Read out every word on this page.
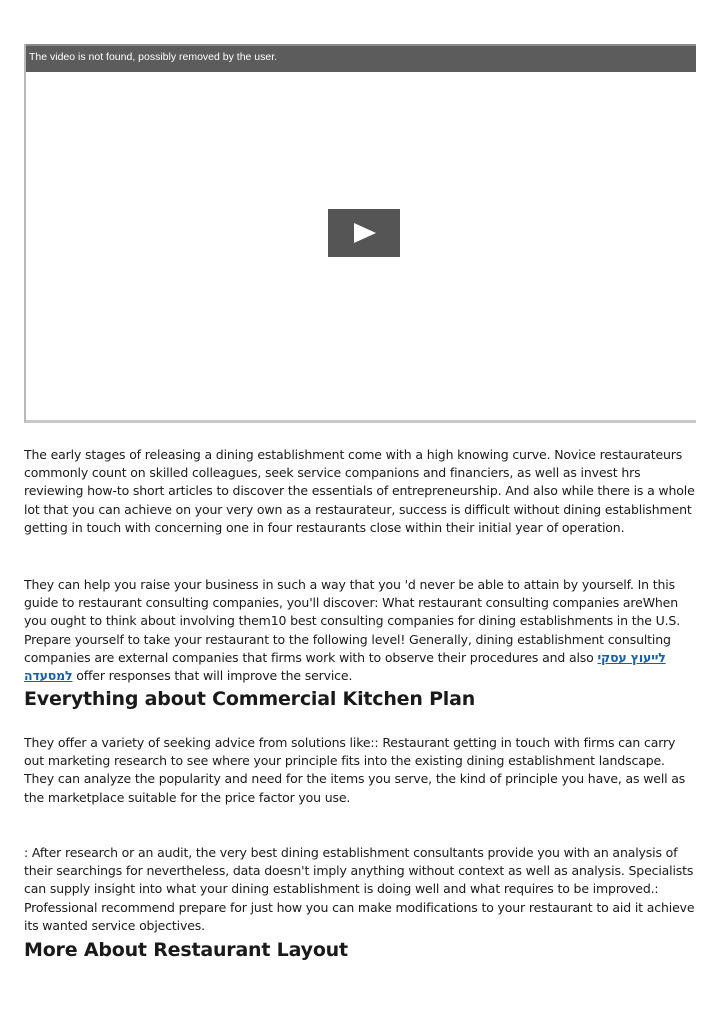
The video is not found, possibly removed by the user.

The early stages of releasing a dining establishment come with a high knowing curve. Novice restaurateurs commonly count on skilled colleagues, seek service companions and financiers, as well as invest hrs reviewing how-to short articles to discover the essentials of entrepreneurship. And also while there is a whole lot that you can achieve on your very own as a restaurateur, success is difficult without dining establishment getting in touch with concerning one in four restaurants close within their initial year of operation.

They can help you raise your business in such a way that you 'd never be able to attain by yourself. In this guide to restaurant consulting companies, you'll discover: What restaurant consulting companies areWhen you ought to think about involving them10 best consulting companies for dining establishments in the U.S. Prepare yourself to take your restaurant to the following level! Generally, dining establishment consulting companies are external companies that firms work with to observe their procedures and also לייעוץ עסקי למסעדה offer responses that will improve the service.

Everything about Commercial Kitchen Plan

They offer a variety of seeking advice from solutions like:: Restaurant getting in touch with firms can carry out marketing research to see where your principle fits into the existing dining establishment landscape. They can analyze the popularity and need for the items you serve, the kind of principle you have, as well as the marketplace suitable for the price factor you use.

: After research or an audit, the very best dining establishment consultants provide you with an analysis of their searchings for nevertheless, data doesn't imply anything without context as well as analysis. Specialists can supply insight into what your dining establishment is doing well and what requires to be improved.: Professional recommend prepare for just how you can make modifications to your restaurant to aid it achieve its wanted service objectives.

More About Restaurant Layout
